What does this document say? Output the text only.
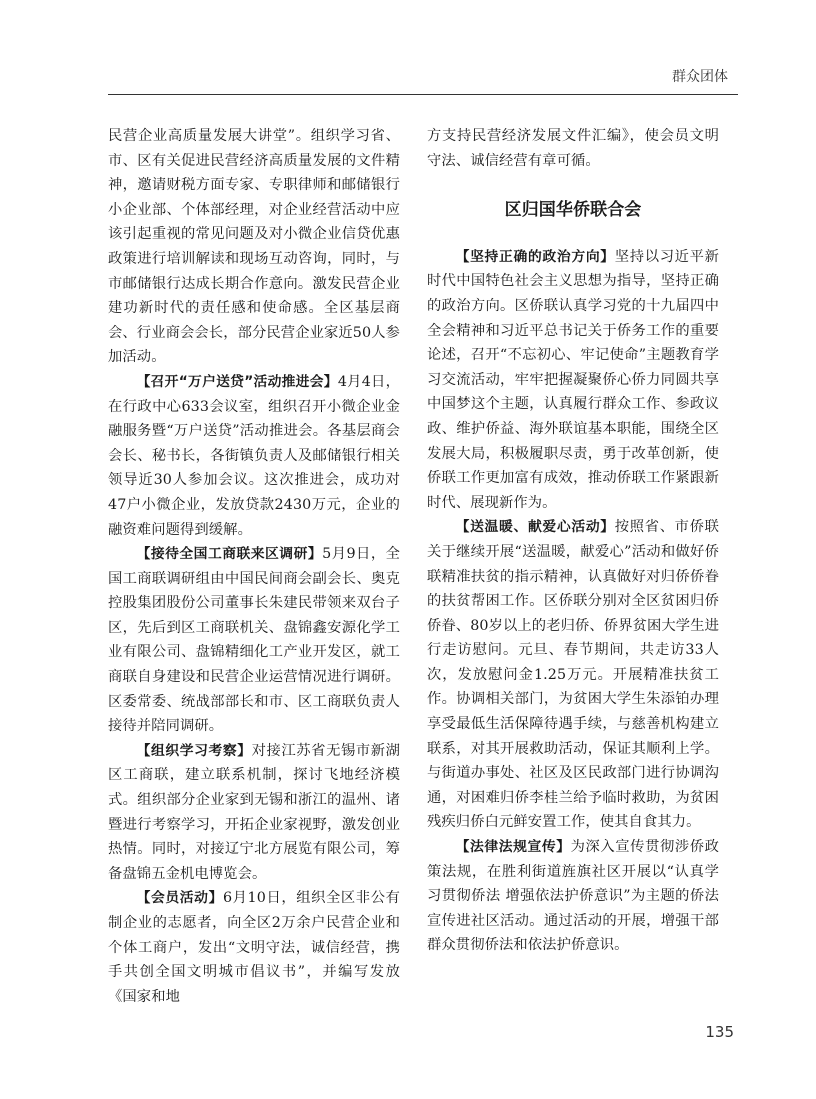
群众团体

民营企业高质量发展大讲堂”。组织学习省、市、区有关促进民营经济高质量发展的文件精神，邀请财税方面专家、专职律师和邮储银行小企业部、个体部经理，对企业经营活动中应该引起重视的常见问题及对小微企业信贷优惠政策进行培训解读和现场互动咨询，同时，与市邮储银行达成长期合作意向。激发民营企业建功新时代的责任感和使命感。全区基层商会、行业商会会长，部分民营企业家近50人参加活动。

【召开“万户送贷”活动推进会】4月4日，在行政中心633会议室，组织召开小微企业金融服务暨“万户送贷”活动推进会。各基层商会会长、秘书长，各街镇负责人及邮储银行相关领导近30人参加会议。这次推进会，成功对47户小微企业，发放贷款2430万元，企业的融资难问题得到缓解。

【接待全国工商联来区调研】5月9日，全国工商联调研组由中国民间商会副会长、奥克控股集团股份公司董事长朱建民带领来双台子区，先后到区工商联机关、盘锦鑫安源化学工业有限公司、盘锦精细化工产业开发区，就工商联自身建设和民营企业运营情况进行调研。区委常委、统战部部长和市、区工商联负责人接待并陪同调研。

【组织学习考察】对接江苏省无锡市新湖区工商联，建立联系机制，探讨飞地经济模式。组织部分企业家到无锡和浙江的温州、诸暨进行考察学习，开拓企业家视野，激发创业热情。同时，对接辽宁北方展览有限公司，筹备盘锦五金机电博览会。

【会员活动】6月10日，组织全区非公有制企业的志愿者，向全区2万余户民营企业和个体工商户，发出“文明守法，诚信经营，携手共创全国文明城市倡议书”，并编写发放《国家和地

方支持民营经济发展文件汇编》，使会员文明守法、诚信经营有章可循。

区归国华侨联合会

【坚持正确的政治方向】坚持以习近平新时代中国特色社会主义思想为指导，坚持正确的政治方向。区侨联认真学习党的十九届四中全会精神和习近平总书记关于侨务工作的重要论述，召开“不忘初心、牢记使命”主题教育学习交流活动，牢牢把握凝聚侨心侨力同圆共享中国梦这个主题，认真履行群众工作、参政议政、维护侨益、海外联谊基本职能，围绕全区发展大局，积极履职尽责，勇于改革创新，使侨联工作更加富有成效，推动侨联工作紧跟新时代、展现新作为。

【送温暖、献爱心活动】按照省、市侨联关于继续开展“送温暖，献爱心”活动和做好侨联精准扶贫的指示精神，认真做好对归侨侨眷的扶贫帮困工作。区侨联分别对全区贫困归侨侨眷、80岁以上的老归侨、侨界贫困大学生进行走访慰问。元旦、春节期间，共走访33人次，发放慰问金1.25万元。开展精准扶贫工作。协调相关部门，为贫困大学生朱添铂办理享受最低生活保障待遇手续，与慈善机构建立联系，对其开展救助活动，保证其顺利上学。与街道办事处、社区及区民政部门进行协调沟通，对困难归侨李桂兰给予临时救助，为贫困残疾归侨白元鲜安置工作，使其自食其力。

【法律法规宣传】为深入宣传贯彻涉侨政策法规，在胜利街道旌旗社区开展以“认真学习贯彻侨法 增强依法护侨意识”为主题的侨法宣传进社区活动。通过活动的开展，增强干部群众贯彻侨法和依法护侨意识。

135
